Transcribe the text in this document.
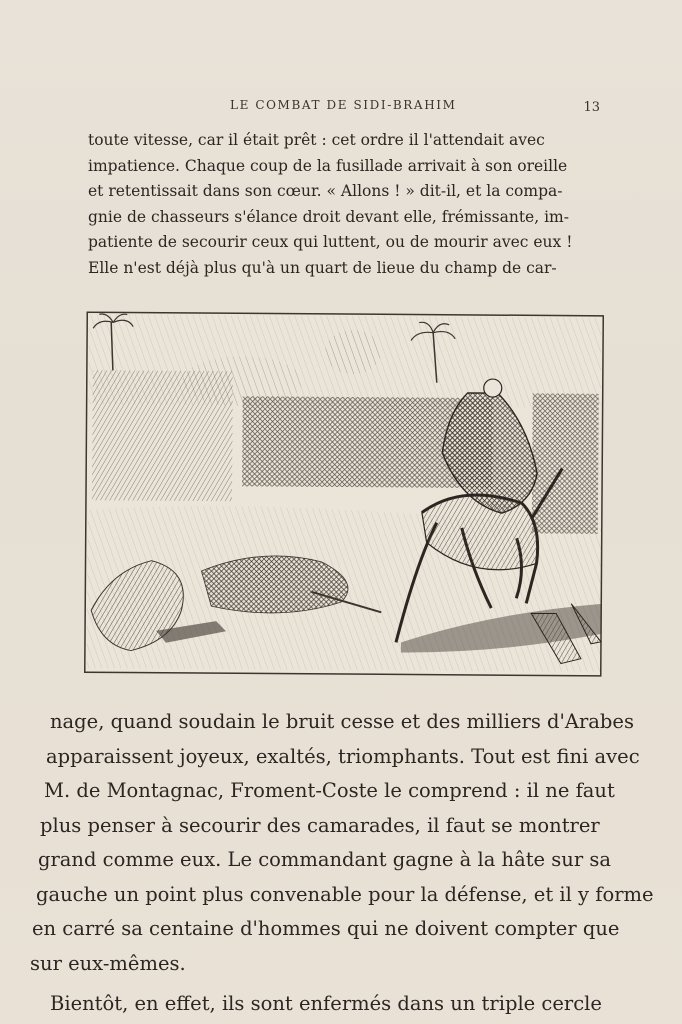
LE COMBAT DE SIDI-BRAHIM	13
toute vitesse, car il était prêt : cet ordre il l'attendait avec
impatience. Chaque coup de la fusillade arrivait à son oreille
et retentissait dans son cœur. « Allons ! » dit-il, et la compa-
gnie de chasseurs s'élance droit devant elle, frémissante, im-
patiente de secourir ceux qui luttent, ou de mourir avec eux !
Elle n'est déjà plus qu'à un quart de lieue du champ de car-
nage, quand soudain le bruit cesse et des milliers d'Arabes
apparaissent joyeux, exaltés, triomphants. Tout est fini avec
M. de Montagnac, Froment-Coste le comprend : il ne faut
plus penser à secourir des camarades, il faut se montrer
grand comme eux. Le commandant gagne à la hâte sur sa
gauche un point plus convenable pour la défense, et il y forme
en carré sa centaine d'hommes qui ne doivent compter que
sur eux-mêmes.
Bientôt, en effet, ils sont enfermés dans un triple cercle
